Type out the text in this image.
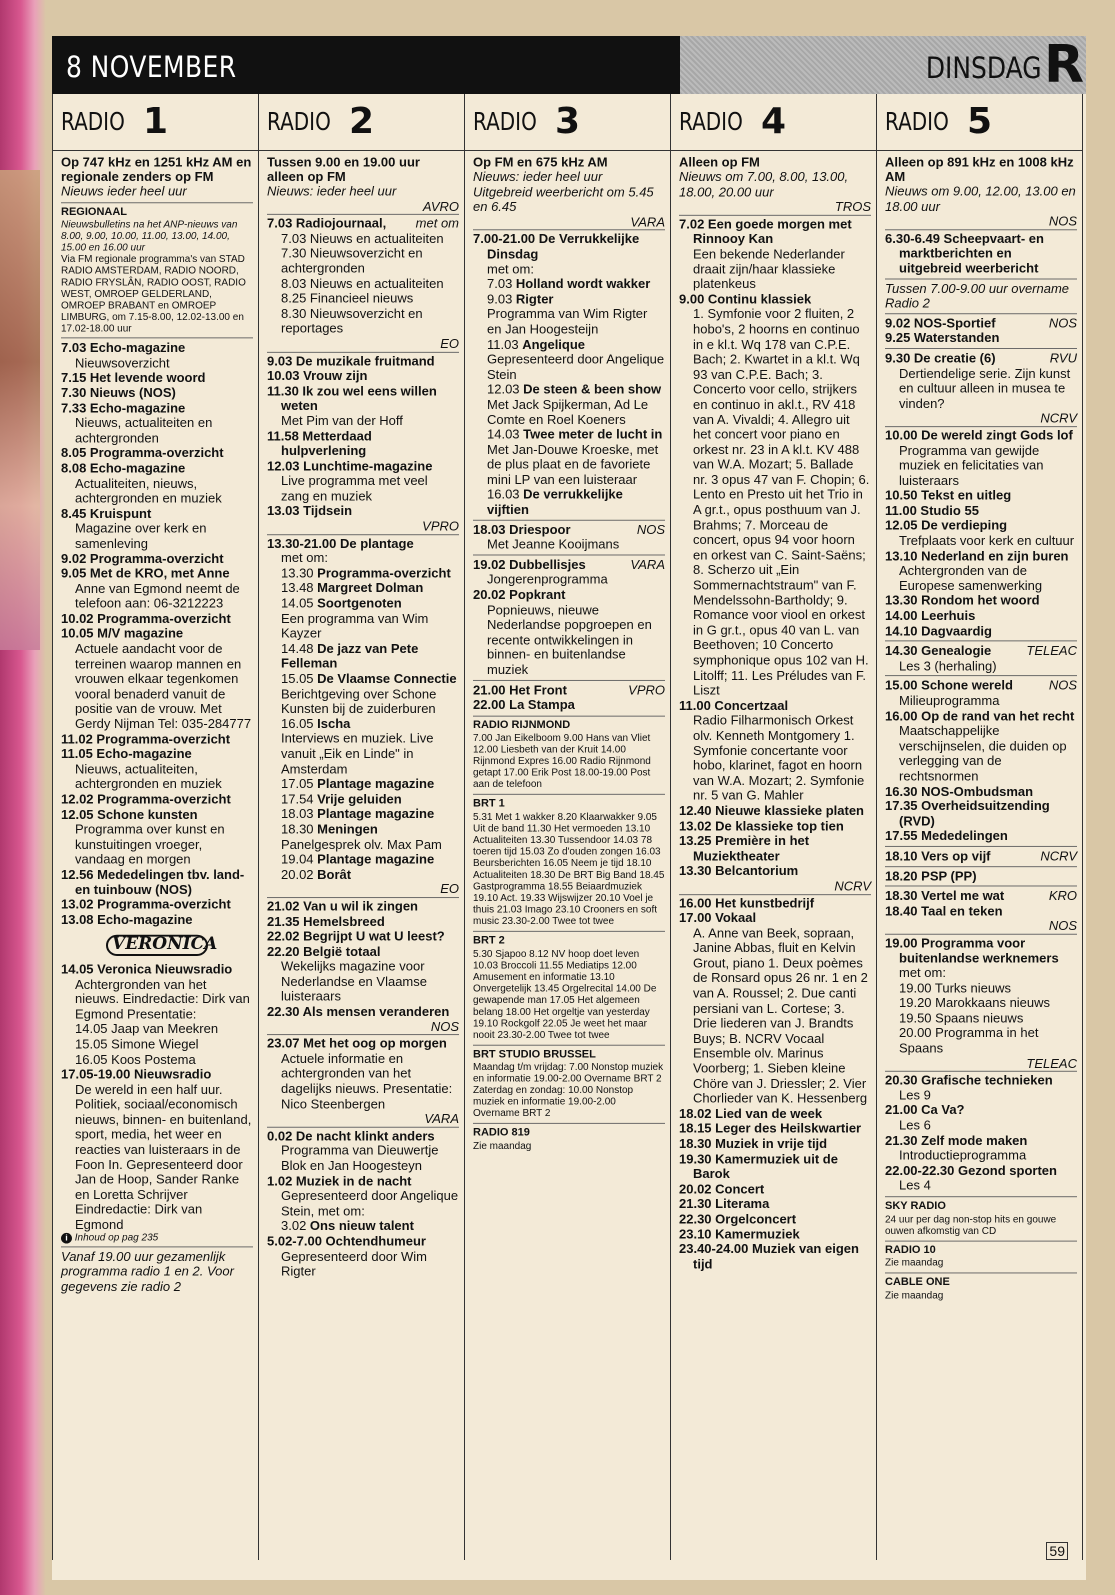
8 NOVEMBER	DINSDAG R
RADIO 1
Op 747 kHz en 1251 kHz AM en regionale zenders op FM
Nieuws ieder heel uur
REGIONAAL
Nieuwsbulletins na het ANP-nieuws van 8.00, 9.00, 10.00, 11.00, 13.00, 14.00, 15.00 en 16.00 uur
Via FM regionale programma's van STAD RADIO AMSTERDAM, RADIO NOORD, RADIO FRYSLÂN, RADIO OOST, RADIO WEST, OMROEP GELDERLAND, OMROEP BRABANT en OMROEP LIMBURG, om 7.15-8.00, 12.02-13.00 en 17.02-18.00 uur
7.03 Echo-magazine
Nieuwsoverzicht
7.15 Het levende woord
7.30 Nieuws (NOS)
7.33 Echo-magazine
Nieuws, actualiteiten en achtergronden
8.05 Programma-overzicht
8.08 Echo-magazine
Actualiteiten, nieuws, achtergronden en muziek
8.45 Kruispunt
Magazine over kerk en samenleving
9.02 Programma-overzicht
9.05 Met de KRO, met Anne
Anne van Egmond neemt de telefoon aan: 06-3212223
10.02 Programma-overzicht
10.05 M/V magazine
Actuele aandacht voor de terreinen waarop mannen en vrouwen elkaar tegenkomen vooral benaderd vanuit de positie van de vrouw. Met Gerdy Nijman Tel: 035-284777
11.02 Programma-overzicht
11.05 Echo-magazine
Nieuws, actualiteiten, achtergronden en muziek
12.02 Programma-overzicht
12.05 Schone kunsten
Programma over kunst en kunstuitingen vroeger, vandaag en morgen
12.56 Mededelingen tbv. land- en tuinbouw (NOS)
13.02 Programma-overzicht
13.08 Echo-magazine
VERONICA
14.05 Veronica Nieuwsradio
Achtergronden van het nieuws. Eindredactie: Dirk van Egmond Presentatie:
14.05 Jaap van Meekren
15.05 Simone Wiegel
16.05 Koos Postema
17.05-19.00 Nieuwsradio
De wereld in een half uur. Politiek, sociaal/economisch nieuws, binnen- en buitenland, sport, media, het weer en reacties van luisteraars in de Foon In. Gepresenteerd door Jan de Hoop, Sander Ranke en Loretta Schrijver Eindredactie: Dirk van Egmond
i Inhoud op pag 235
Vanaf 19.00 uur gezamenlijk programma radio 1 en 2. Voor gegevens zie radio 2
RADIO 2
Tussen 9.00 en 19.00 uur alleen op FM
Nieuws: ieder heel uur
AVRO
7.03 Radiojournaal, met om
7.03 Nieuws en actualiteiten
7.30 Nieuwsoverzicht en achtergronden
8.03 Nieuws en actualiteiten
8.25 Financieel nieuws
8.30 Nieuwsoverzicht en reportages
EO
9.03 De muzikale fruitmand
10.03 Vrouw zijn
11.30 Ik zou wel eens willen weten
Met Pim van der Hoff
11.58 Metterdaad hulpverlening
12.03 Lunchtime-magazine
Live programma met veel zang en muziek
13.03 Tijdsein
VPRO
13.30-21.00 De plantage
met om:
13.30 Programma-overzicht
13.48 Margreet Dolman
14.05 Soortgenoten
Een programma van Wim Kayzer
14.48 De jazz van Pete Felleman
15.05 De Vlaamse Connectie
Berichtgeving over Schone Kunsten bij de zuiderburen
16.05 Ischa
Interviews en muziek. Live vanuit „Eik en Linde" in Amsterdam
17.05 Plantage magazine
17.54 Vrije geluiden
18.03 Plantage magazine
18.30 Meningen
Panelgesprek olv. Max Pam
19.04 Plantage magazine
20.02 Borât
EO
21.02 Van u wil ik zingen
21.35 Hemelsbreed
22.02 Begrijpt U wat U leest?
22.20 België totaal
Wekelijks magazine voor Nederlandse en Vlaamse luisteraars
22.30 Als mensen veranderen
NOS
23.07 Met het oog op morgen
Actuele informatie en achtergronden van het dagelijks nieuws. Presentatie: Nico Steenbergen
VARA
0.02 De nacht klinkt anders
Programma van Dieuwertje Blok en Jan Hoogesteyn
1.02 Muziek in de nacht
Gepresenteerd door Angelique Stein, met om:
3.02 Ons nieuw talent
5.02-7.00 Ochtendhumeur
Gepresenteerd door Wim Rigter
RADIO 3
Op FM en 675 kHz AM
Nieuws: ieder heel uur Uitgebreid weerbericht om 5.45 en 6.45
VARA
7.00-21.00 De Verrukkelijke Dinsdag
met om:
7.03 Holland wordt wakker
9.03 Rigter
Programma van Wim Rigter en Jan Hoogesteijn
11.03 Angelique
Gepresenteerd door Angelique Stein
12.03 De steen & been show
Met Jack Spijkerman, Ad Le Comte en Roel Koeners
14.03 Twee meter de lucht in
Met Jan-Douwe Kroeske, met de plus plaat en de favoriete mini LP van een luisteraar
16.03 De verrukkelijke vijftien
18.03 Driespoor	NOS
Met Jeanne Kooijmans
19.02 Dubbellisjes	VARA
Jongerenprogramma
20.02 Popkrant
Popnieuws, nieuwe Nederlandse popgroepen en recente ontwikkelingen in binnen- en buitenlandse muziek
21.00 Het Front	VPRO
22.00 La Stampa
RADIO RIJNMOND
7.00 Jan Eikelboom 9.00 Hans van Vliet 12.00 Liesbeth van der Kruit 14.00 Rijnmond Expres 16.00 Radio Rijnmond getapt 17.00 Erik Post 18.00-19.00 Post aan de telefoon
BRT 1
5.31 Met 1 wakker 8.20 Klaarwakker 9.05 Uit de band 11.30 Het vermoeden 13.10 Actualiteiten 13.30 Tussendoor 14.03 78 toeren tijd 15.03 Zo d'ouden zongen 16.03 Beursberichten 16.05 Neem je tijd 18.10 Actualiteiten 18.30 De BRT Big Band 18.45 Gastprogramma 18.55 Beiaardmuziek 19.10 Act. 19.33 Wijswijzer 20.10 Voel je thuis 21.03 Imago 23.10 Crooners en soft music 23.30-2.00 Twee tot twee
BRT 2
5.30 Sjapoo 8.12 NV hoop doet leven 10.03 Broccoli 11.55 Mediatips 12.00 Amusement en informatie 13.10 Onvergetelijk 13.45 Orgelrecital 14.00 De gewapende man 17.05 Het algemeen belang 18.00 Het orgeltje van yesterday 19.10 Rockgolf 22.05 Je weet het maar nooit 23.30-2.00 Twee tot twee
BRT STUDIO BRUSSEL
Maandag t/m vrijdag: 7.00 Nonstop muziek en informatie 19.00-2.00 Overname BRT 2 Zaterdag en zondag: 10.00 Nonstop muziek en informatie 19.00-2.00 Overname BRT 2
RADIO 819
Zie maandag
RADIO 4
Alleen op FM
Nieuws om 7.00, 8.00, 13.00, 18.00, 20.00 uur
TROS
7.02 Een goede morgen met Rinnooy Kan
Een bekende Nederlander draait zijn/haar klassieke platenkeus
9.00 Continu klassiek
1. Symfonie voor 2 fluiten, 2 hobo's, 2 hoorns en continuo in e kl.t. Wq 178 van C.P.E. Bach; 2. Kwartet in a kl.t. Wq 93 van C.P.E. Bach; 3. Concerto voor cello, strijkers en continuo in akl.t., RV 418 van A. Vivaldi; 4. Allegro uit het concert voor piano en orkest nr. 23 in A kl.t. KV 488 van W.A. Mozart; 5. Ballade nr. 3 opus 47 van F. Chopin; 6. Lento en Presto uit het Trio in A gr.t., opus posthuum van J. Brahms; 7. Morceau de concert, opus 94 voor hoorn en orkest van C. Saint-Saëns; 8. Scherzo uit „Ein Sommernachtstraum" van F. Mendelssohn-Bartholdy; 9. Romance voor viool en orkest in G gr.t., opus 40 van L. van Beethoven; 10 Concerto symphonique opus 102 van H. Litolff; 11. Les Préludes van F. Liszt
11.00 Concertzaal
Radio Filharmonisch Orkest olv. Kenneth Montgomery 1. Symfonie concertante voor hobo, klarinet, fagot en hoorn van W.A. Mozart; 2. Symfonie nr. 5 van G. Mahler
12.40 Nieuwe klassieke platen
13.02 De klassieke top tien
13.25 Première in het Muziektheater
13.30 Belcantorium
NCRV
16.00 Het kunstbedrijf
17.00 Vokaal
A. Anne van Beek, sopraan, Janine Abbas, fluit en Kelvin Grout, piano 1. Deux poèmes de Ronsard opus 26 nr. 1 en 2 van A. Roussel; 2. Due canti persiani van L. Cortese; 3. Drie liederen van J. Brandts Buys; B. NCRV Vocaal Ensemble olv. Marinus Voorberg; 1. Sieben kleine Chöre van J. Driessler; 2. Vier Chorlieder van K. Hessenberg
18.02 Lied van de week
18.15 Leger des Heilskwartier
18.30 Muziek in vrije tijd
19.30 Kamermuziek uit de Barok
20.02 Concert
21.30 Literama
22.30 Orgelconcert
23.10 Kamermuziek
23.40-24.00 Muziek van eigen tijd
RADIO 5
Alleen op 891 kHz en 1008 kHz AM
Nieuws om 9.00, 12.00, 13.00 en 18.00 uur
NOS
6.30-6.49 Scheepvaart- en marktberichten en uitgebreid weerbericht
Tussen 7.00-9.00 uur overname Radio 2
9.02 NOS-Sportief	NOS
9.25 Waterstanden
9.30 De creatie (6)	RVU
Dertiendelige serie. Zijn kunst en cultuur alleen in musea te vinden?
NCRV
10.00 De wereld zingt Gods lof
Programma van gewijde muziek en felicitaties van luisteraars
10.50 Tekst en uitleg
11.00 Studio 55
12.05 De verdieping
Trefplaats voor kerk en cultuur
13.10 Nederland en zijn buren
Achtergronden van de Europese samenwerking
13.30 Rondom het woord
14.00 Leerhuis
14.10 Dagvaardig
14.30 Genealogie	TELEAC
Les 3 (herhaling)
15.00 Schone wereld	NOS
Milieuprogramma
16.00 Op de rand van het recht
Maatschappelijke verschijnselen, die duiden op verlegging van de rechtsnormen
16.30 NOS-Ombudsman
17.35 Overheidsuitzending (RVD)
17.55 Mededelingen
18.10 Vers op vijf	NCRV
18.20 PSP (PP)
18.30 Vertel me wat	KRO
18.40 Taal en teken
NOS
19.00 Programma voor buitenlandse werknemers
met om:
19.00 Turks nieuws
19.20 Marokkaans nieuws
19.50 Spaans nieuws
20.00 Programma in het Spaans
TELEAC
20.30 Grafische technieken
Les 9
21.00 Ca Va?
Les 6
21.30 Zelf mode maken
Introductieprogramma
22.00-22.30 Gezond sporten
Les 4
SKY RADIO
24 uur per dag non-stop hits en gouwe ouwen afkomstig van CD
RADIO 10
Zie maandag
CABLE ONE
Zie maandag
59
